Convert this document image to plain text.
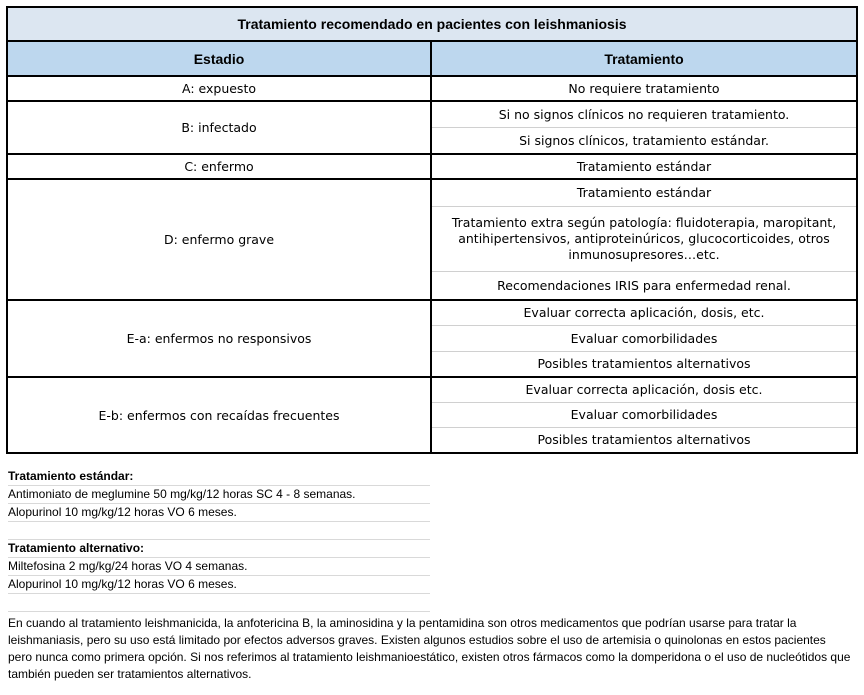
Tratamiento recomendado en pacientes con leishmaniosis	
Estadio	Tratamiento
A: expuesto	No requiere tratamiento

B: infectado	Si no signos clínicos no requieren tratamiento.
Si signos clínicos, tratamiento estándar.

C: enfermo	Tratamiento estándar

D: enfermo grave	Tratamiento estándar
Tratamiento extra según patología: fluidoterapia, maropitant, antihipertensivos, antiproteinúricos, glucocorticoides, otros inmunosupresores…etc.
Recomendaciones IRIS para enfermedad renal.

E-a: enfermos no responsivos	Evaluar correcta aplicación, dosis, etc.
Evaluar comorbilidades
Posibles tratamientos alternativos

E-b: enfermos con recaídas frecuentes	Evaluar correcta aplicación, dosis etc.
Evaluar comorbilidades
Posibles tratamientos alternativos
Tratamiento estándar:
Antimoniato de meglumine 50 mg/kg/12 horas SC 4 - 8 semanas.
Alopurinol 10 mg/kg/12 horas VO 6 meses.
Tratamiento alternativo:
Miltefosina 2 mg/kg/24 horas VO 4 semanas.
Alopurinol 10 mg/kg/12 horas VO 6 meses.
En cuando al tratamiento leishmanicida, la anfotericina B, la aminosidina y la pentamidina son otros medicamentos que podrían usarse para tratar la leishmaniasis, pero su uso está limitado por efectos adversos graves. Existen algunos estudios sobre el uso de artemisia o quinolonas en estos pacientes pero nunca como primera opción. Si nos referimos al tratamiento leishmanioestático, existen otros fármacos como la domperidona o el uso de nucleótidos que también pueden ser tratamientos alternativos.
